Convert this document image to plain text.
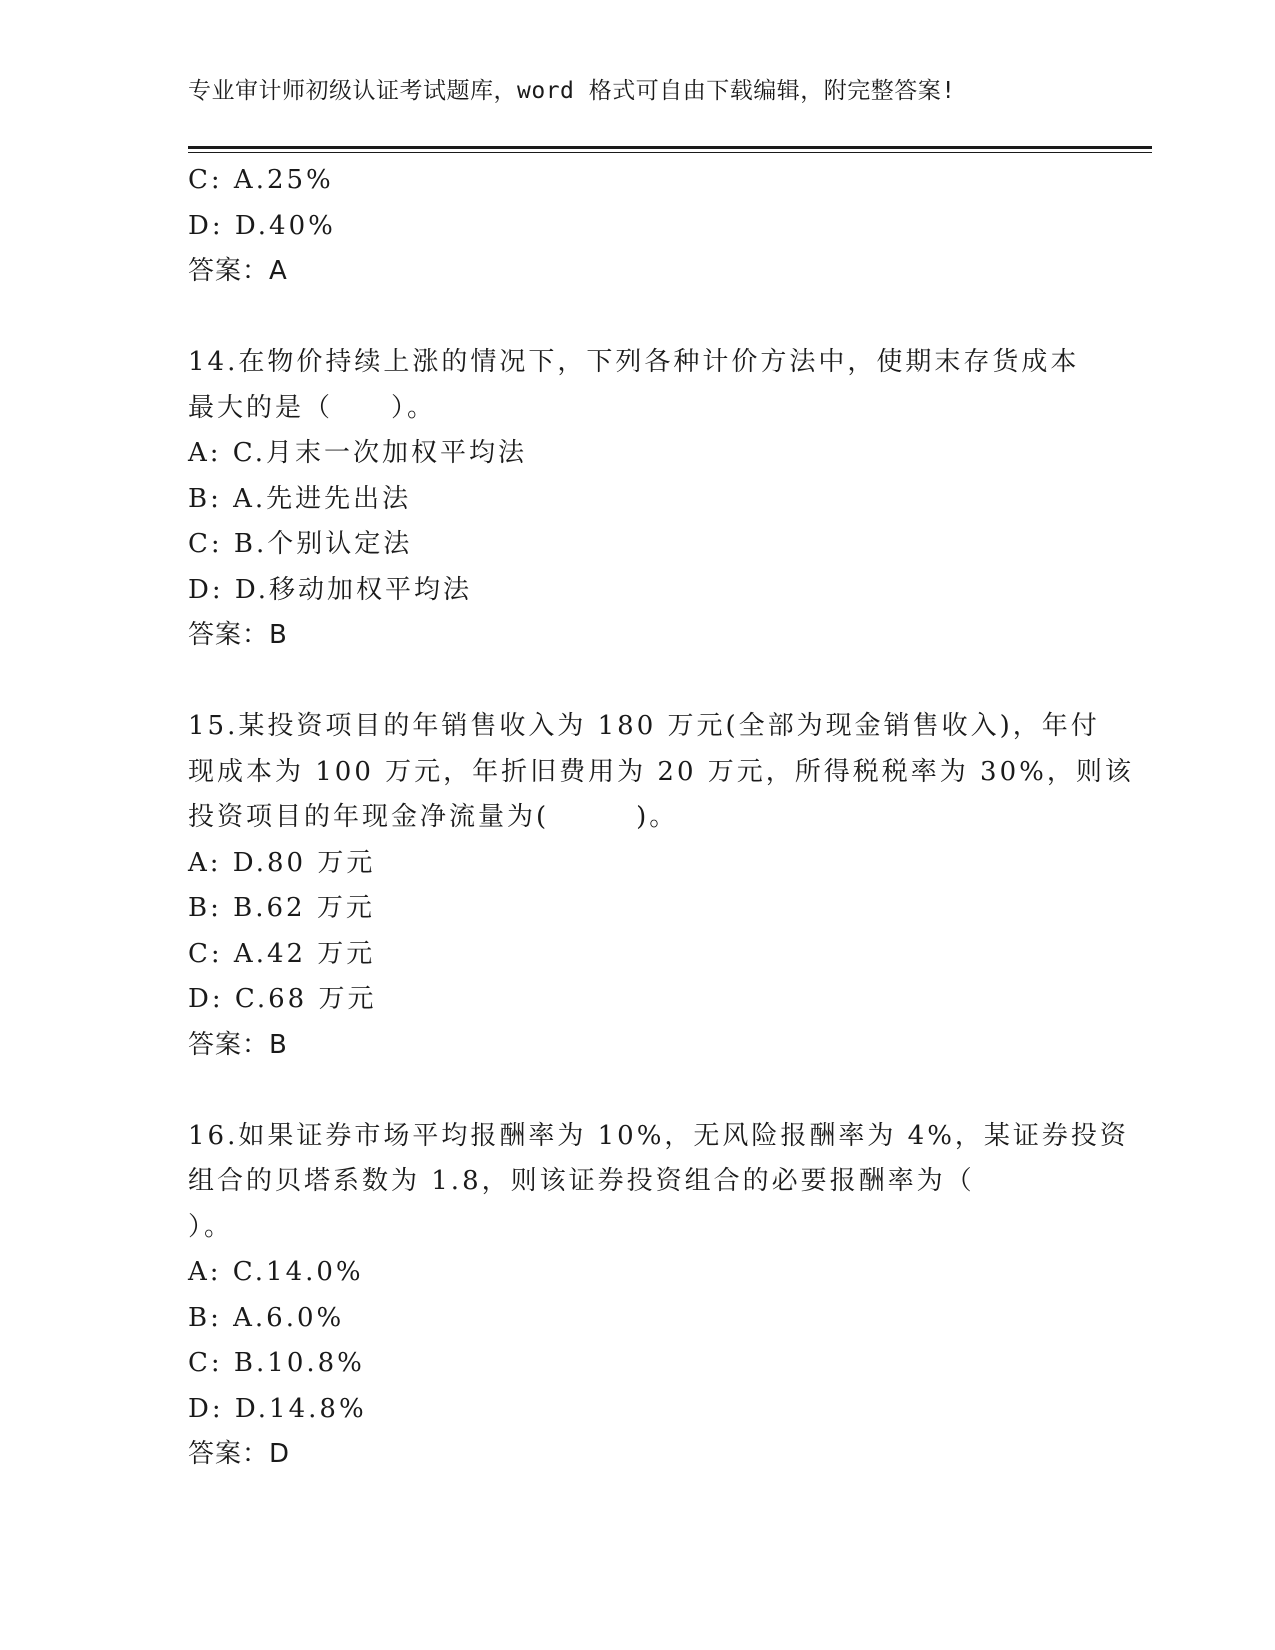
专业审计师初级认证考试题库，word 格式可自由下载编辑，附完整答案!
C: A.25%
D: D.40%
答案：A
14.在物价持续上涨的情况下，下列各种计价方法中，使期末存货成本
最大的是（　　）。
A: C.月末一次加权平均法
B: A.先进先出法
C: B.个别认定法
D: D.移动加权平均法
答案：B
15.某投资项目的年销售收入为 180 万元(全部为现金销售收入)，年付
现成本为 100 万元，年折旧费用为 20 万元，所得税税率为 30%，则该
投资项目的年现金净流量为(　　　)。
A: D.80 万元
B: B.62 万元
C: A.42 万元
D: C.68 万元
答案：B
16.如果证券市场平均报酬率为 10%，无风险报酬率为 4%，某证券投资
组合的贝塔系数为 1.8，则该证券投资组合的必要报酬率为（
）。
A: C.14.0%
B: A.6.0%
C: B.10.8%
D: D.14.8%
答案：D
